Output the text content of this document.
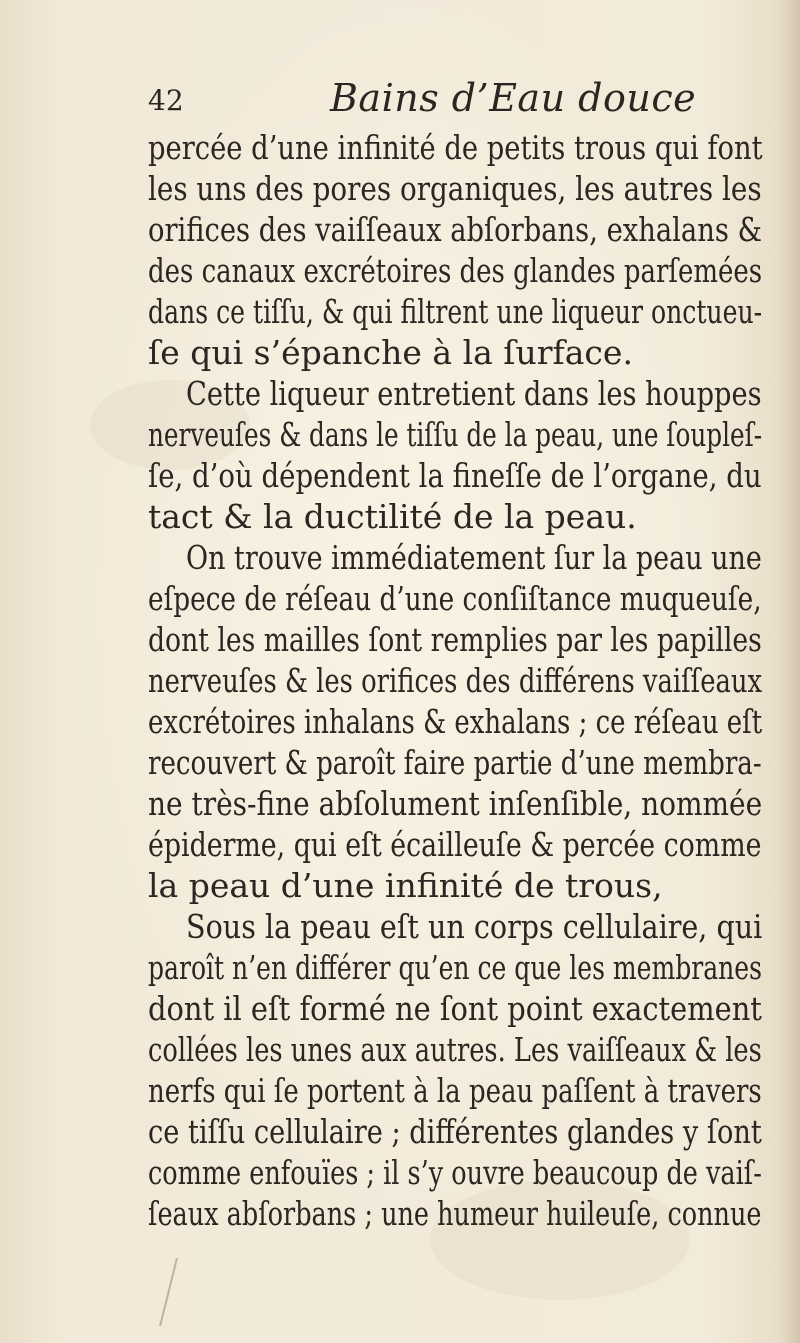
42	Bains d’Eau douce
percée d’une infinité de petits trous qui font
les uns des pores organiques, les autres les
orifices des vaiſſeaux abſorbans, exhalans &
des canaux excrétoires des glandes parſemées
dans ce tiſſu, & qui filtrent une liqueur onctueu-
ſe qui s’épanche à la ſurface.
Cette liqueur entretient dans les houppes
nerveuſes & dans le tiſſu de la peau, une ſoupleſ-
ſe, d’où dépendent la fineſſe de l’organe, du
tact & la ductilité de la peau.
On trouve immédiatement ſur la peau une
eſpece de réſeau d’une conſiſtance muqueuſe,
dont les mailles ſont remplies par les papilles
nerveuſes & les orifices des différens vaiſſeaux
excrétoires inhalans & exhalans ; ce réſeau eſt
recouvert & paroît faire partie d’une membra-
ne très-fine abſolument inſenſible, nommée
épiderme, qui eſt écailleuſe & percée comme
la peau d’une infinité de trous,
Sous la peau eſt un corps cellulaire, qui
paroît n’en différer qu’en ce que les membranes
dont il eſt formé ne ſont point exactement
collées les unes aux autres. Les vaiſſeaux & les
nerfs qui ſe portent à la peau paſſent à travers
ce tiſſu cellulaire ; différentes glandes y ſont
comme enfouïes ; il s’y ouvre beaucoup de vaiſ-
ſeaux abſorbans ; une humeur huileuſe, connue
